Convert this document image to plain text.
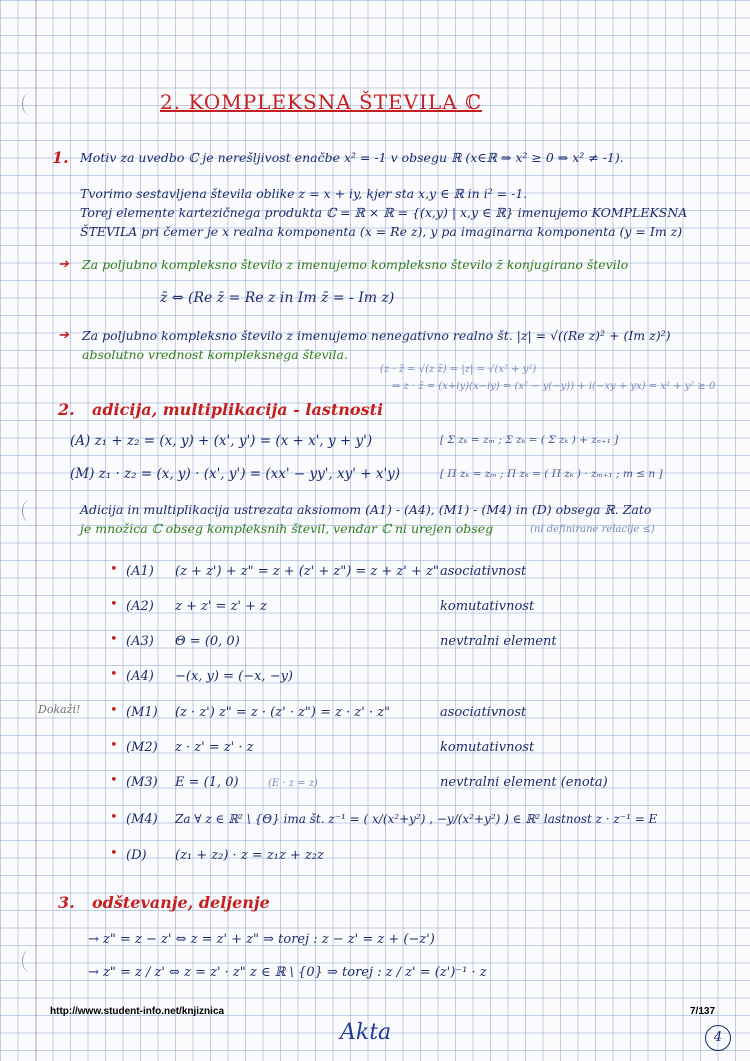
2. KOMPLEKSNA ŠTEVILA ℂ
1. Motiv za uvedbo ℂ je nerešljivost enačbe x² = -1 v obsegu ℝ (x∈ℝ ⇒ x² ≥ 0 ⇒ x² ≠ -1).
Tvorimo sestavljena števila oblike z = x + iy, kjer sta x,y ∈ ℝ in i² = -1.
Torej elemente kartezičnega produkta ℂ = ℝ × ℝ = {(x,y) | x,y ∈ ℝ} imenujemo KOMPLEKSNA
ŠTEVILA pri čemer je x realna komponenta (x = Re z), y pa imaginarna komponenta (y = Im z)
➔ Za poljubno kompleksno število z imenujemo kompleksno število z̄ konjugirano število
z̄ ⇔ (Re z̄ = Re z in Im z̄ = - Im z)
➔ Za poljubno kompleksno število z imenujemo nenegativno realno št. |z| = √((Re z)² + (Im z)²)
absolutno vrednost kompleksnega števila.
(z · z̄ = √(z z̄) = |z| = √(x² + y²)
⇒ z · z̄ = (x+iy)(x−iy) = (x² − y(−y)) + i(−xy + yx) = x² + y² ≥ 0
2. adicija, multiplikacija - lastnosti
(A) z₁ + z₂ = (x, y) + (x', y') = (x + x', y + y')	[ Σ zₖ = zₘ ; Σ zₖ = ( Σ zₖ ) + zₙ₊₁ ]
(M) z₁ · z₂ = (x, y) · (x', y') = (xx' − yy', xy' + x'y)	[ Π zₖ = zₘ ; Π zₖ = ( Π zₖ ) · zₘ₊₁ ; m ≤ n ]
Adicija in multiplikacija ustrezata aksiomom (A1) - (A4), (M1) - (M4) in (D) obsega ℝ. Zato
je množica ℂ obseg kompleksnih števil, vendar ℂ ni urejen obseg	(ni definirane relacije ≤)
Dokaži!
• (A1) (z + z') + z" = z + (z' + z") = z + z' + z" asociativnost
• (A2) z + z' = z' + z	komutativnost
• (A3) Θ = (0, 0)	nevtralni element
• (A4) −(x, y) = (−x, −y)
• (M1) (z · z') z" = z · (z' · z") = z · z' · z"	asociativnost
• (M2) z · z' = z' · z	komutativnost
• (M3) E = (1, 0)	(E · z = z)	nevtralni element (enota)
• (M4) Za ∀ z ∈ ℝ² \ {Θ} ima št. z⁻¹ = ( x/(x²+y²) , −y/(x²+y²) ) ∈ ℝ² lastnost z · z⁻¹ = E
• (D) (z₁ + z₂) · z = z₁z + z₂z
3. odštevanje, deljenje
→ z" = z − z' ⇔ z = z' + z" ⇒ torej : z − z' = z + (−z')
→ z" = z / z' ⇔ z = z' · z" z ∈ ℝ \ {0} ⇒ torej : z / z' = (z')⁻¹ · z
http://www.student-info.net/knjiznica	7/137
Akta	4
